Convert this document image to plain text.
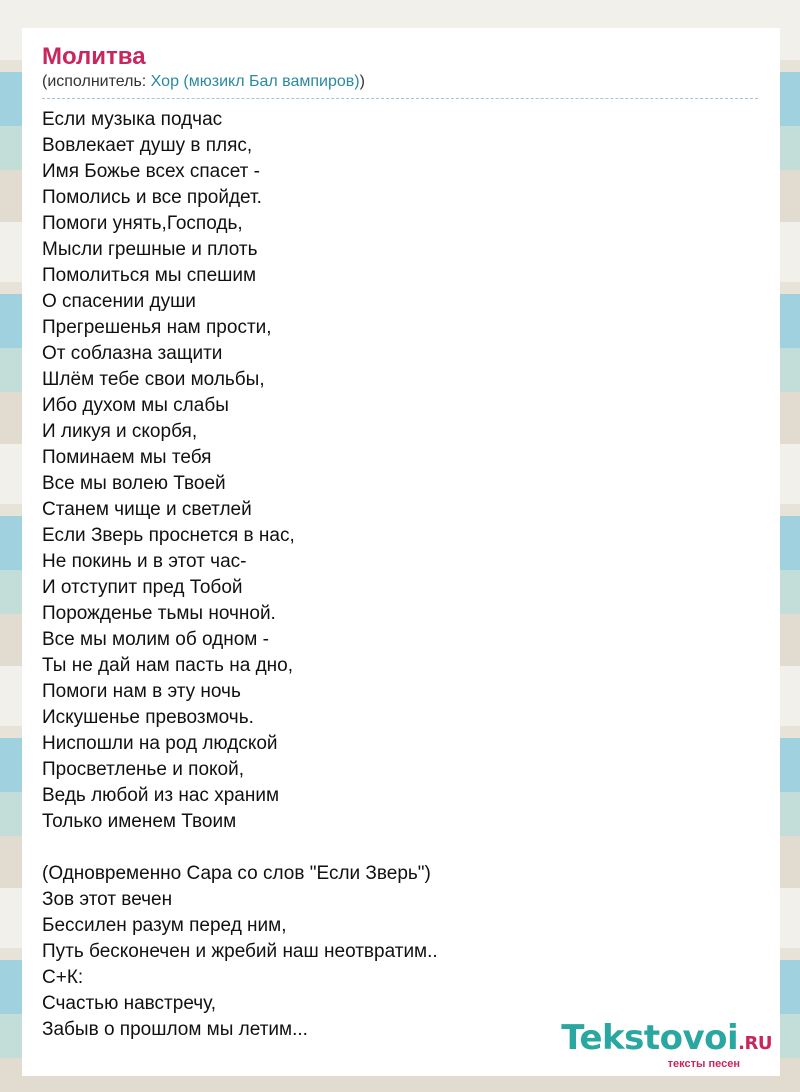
Молитва
(исполнитель: Хор (мюзикл Бал вампиров))
Если музыка подчас
Вовлекает душу в пляс,
Имя Божье всех спасет -
Помолись и все пройдет.
Помоги унять,Господь,
Мысли грешные и плоть
Помолиться мы спешим
О спасении души
Прегрешенья нам прости,
От соблазна защити
Шлём тебе свои мольбы,
Ибо духом мы слабы
И ликуя и скорбя,
Поминаем мы тебя
Все мы волею Твоей
Станем чище и светлей
Если Зверь проснется в нас,
Не покинь и в этот час-
И отступит пред Тобой
Порожденье тьмы ночной.
Все мы молим об одном -
Ты не дай нам пасть на дно,
Помоги нам в эту ночь
Искушенье превозмочь.
Ниспошли на род людской
Просветленье и покой,
Ведь любой из нас храним
Только именем Твоим
(Одновременно Сара со слов "Если Зверь")
Зов этот вечен
Бессилен разум перед ним,
Путь бесконечен и жребий наш неотвратим..
С+К:
Счастью навстречу,
Забыв о прошлом мы летим...	Tekstovoi.RU
тексты песен
